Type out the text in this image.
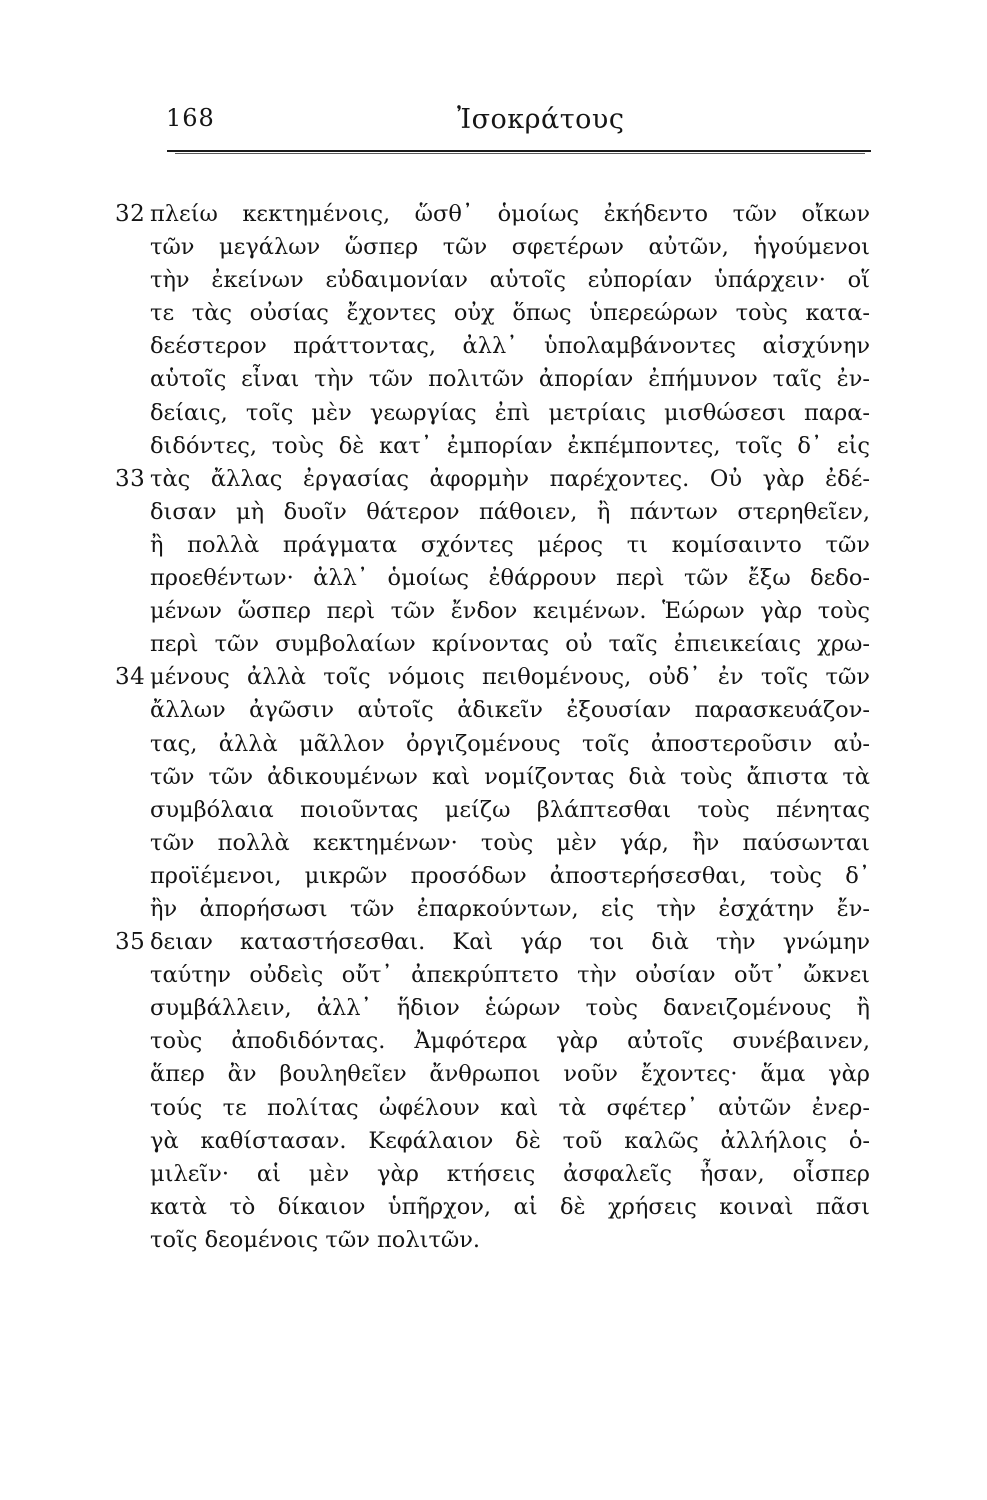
168	Ἰσοκράτους
32 πλείω κεκτημένοις, ὥσθ᾽ ὁμοίως ἐκήδεντο τῶν οἴκων
τῶν μεγάλων ὥσπερ τῶν σφετέρων αὐτῶν, ἡγούμενοι
τὴν ἐκείνων εὐδαιμονίαν αὑτοῖς εὐπορίαν ὑπάρχειν· οἵ
τε τὰς οὐσίας ἔχοντες οὐχ ὅπως ὑπερεώρων τοὺς κατα-
δεέστερον πράττοντας, ἀλλ᾽ ὑπολαμβάνοντες αἰσχύνην
αὑτοῖς εἶναι τὴν τῶν πολιτῶν ἀπορίαν ἐπήμυνον ταῖς ἐν-
δείαις, τοῖς μὲν γεωργίας ἐπὶ μετρίαις μισθώσεσι παρα-
διδόντες, τοὺς δὲ κατ᾽ ἐμπορίαν ἐκπέμποντες, τοῖς δ᾽ εἰς
33 τὰς ἄλλας ἐργασίας ἀφορμὴν παρέχοντες. Οὐ γὰρ ἐδέ-
δισαν μὴ δυοῖν θάτερον πάθοιεν, ἢ πάντων στερηθεῖεν,
ἢ πολλὰ πράγματα σχόντες μέρος τι κομίσαιντο τῶν
προεθέντων· ἀλλ᾽ ὁμοίως ἐθάρρουν περὶ τῶν ἔξω δεδο-
μένων ὥσπερ περὶ τῶν ἔνδον κειμένων. Ἑώρων γὰρ τοὺς
περὶ τῶν συμβολαίων κρίνοντας οὐ ταῖς ἐπιεικείαις χρω-
34 μένους ἀλλὰ τοῖς νόμοις πειθομένους, οὐδ᾽ ἐν τοῖς τῶν
ἄλλων ἀγῶσιν αὑτοῖς ἀδικεῖν ἐξουσίαν παρασκευάζον-
τας, ἀλλὰ μᾶλλον ὀργιζομένους τοῖς ἀποστεροῦσιν αὐ-
τῶν τῶν ἀδικουμένων καὶ νομίζοντας διὰ τοὺς ἄπιστα τὰ
συμβόλαια ποιοῦντας μείζω βλάπτεσθαι τοὺς πένητας
τῶν πολλὰ κεκτημένων· τοὺς μὲν γάρ, ἢν παύσωνται
προϊέμενοι, μικρῶν προσόδων ἀποστερήσεσθαι, τοὺς δ᾽
ἢν ἀπορήσωσι τῶν ἐπαρκούντων, εἰς τὴν ἐσχάτην ἔν-
35 δειαν καταστήσεσθαι. Καὶ γάρ τοι διὰ τὴν γνώμην
ταύτην οὐδεὶς οὔτ᾽ ἀπεκρύπτετο τὴν οὐσίαν οὔτ᾽ ὤκνει
συμβάλλειν, ἀλλ᾽ ἥδιον ἑώρων τοὺς δανειζομένους ἢ
τοὺς ἀποδιδόντας. Ἀμφότερα γὰρ αὐτοῖς συνέβαινεν,
ἅπερ ἂν βουληθεῖεν ἄνθρωποι νοῦν ἔχοντες· ἅμα γὰρ
τούς τε πολίτας ὠφέλουν καὶ τὰ σφέτερ᾽ αὐτῶν ἐνερ-
γὰ καθίστασαν. Κεφάλαιον δὲ τοῦ καλῶς ἀλλήλοις ὁ-
μιλεῖν· αἱ μὲν γὰρ κτήσεις ἀσφαλεῖς ἦσαν, οἷσπερ
κατὰ τὸ δίκαιον ὑπῆρχον, αἱ δὲ χρήσεις κοιναὶ πᾶσι
τοῖς δεομένοις τῶν πολιτῶν.
